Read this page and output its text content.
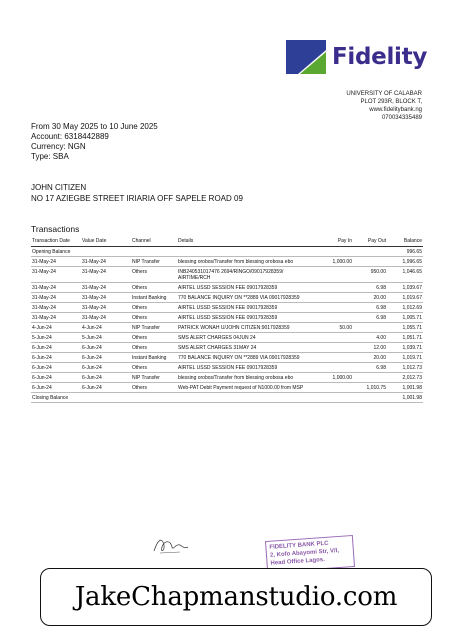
Fidelity
UNIVERSITY OF CALABAR
PLOT 293R, BLOCK T,
www.fidelitybank.ng
070034335489
From 30 May 2025 to 10 June 2025
Account: 6318442889
Currency: NGN
Type: SBA
JOHN CITIZEN
NO 17 AZIEGBE STREET IRIARIA OFF SAPELE ROAD 09
Transactions
Transaction Date	Value Date	Channel	Details	Pay In	Pay Out	Balance
Opening Balance						996.65
31-May-24	31-May-24	NIP Transfer	blessing orobos/Transfer from blessing orobosa ebo	1,000.00		1,996.65
31-May-24	31-May-24	Others	INB240531017476 2694/RINGO/09017928359/ AIRTIME/RCH		950.00	1,046.65
31-May-24	31-May-24	Others	AIRTEL USSD SESSION FEE 09017928359		6.98	1,039.67
31-May-24	31-May-24	Instant Banking	770 BALANCE INQUIRY ON **2889 VIA 09017928359		20.00	1,019.67
31-May-24	31-May-24	Others	AIRTEL USSD SESSION FEE 09017928359		6.98	1,012.69
31-May-24	31-May-24	Others	AIRTEL USSD SESSION FEE 09017928359		6.98	1,005.71
4-Jun-24	4-Jun-24	NIP Transfer	PATRICK WONAH U/JOHN CITIZEN:9017928359	50.00		1,055.71
5-Jun-24	5-Jun-24	Others	SMS ALERT CHARGES 04JUN 24		4.00	1,051.71
6-Jun-24	6-Jun-24	Others	SMS ALERT CHARGES 31MAY 24		12.00	1,039.71
6-Jun-24	6-Jun-24	Instant Banking	770 BALANCE INQUIRY ON **2889 VIA 09017928359		20.00	1,019.71
6-Jun-24	6-Jun-24	Others	AIRTEL USSD SESSION FEE 09017928359		6.98	1,012.73
6-Jun-24	6-Jun-24	NIP Transfer	blessing orobos/Transfer from blessing orobosa ebo	1,000.00		2,012.73
6-Jun-24	6-Jun-24	Others	Web-PAT Debit Payment request of N1000.00 from MSP		1,010.75	1,001.98
Closing Balance						1,001.98
FIDELITY BANK PLC
2, Kofo Abayomi Str, V/I,
Head Office Lagos.
JakeChapmanstudio.com
